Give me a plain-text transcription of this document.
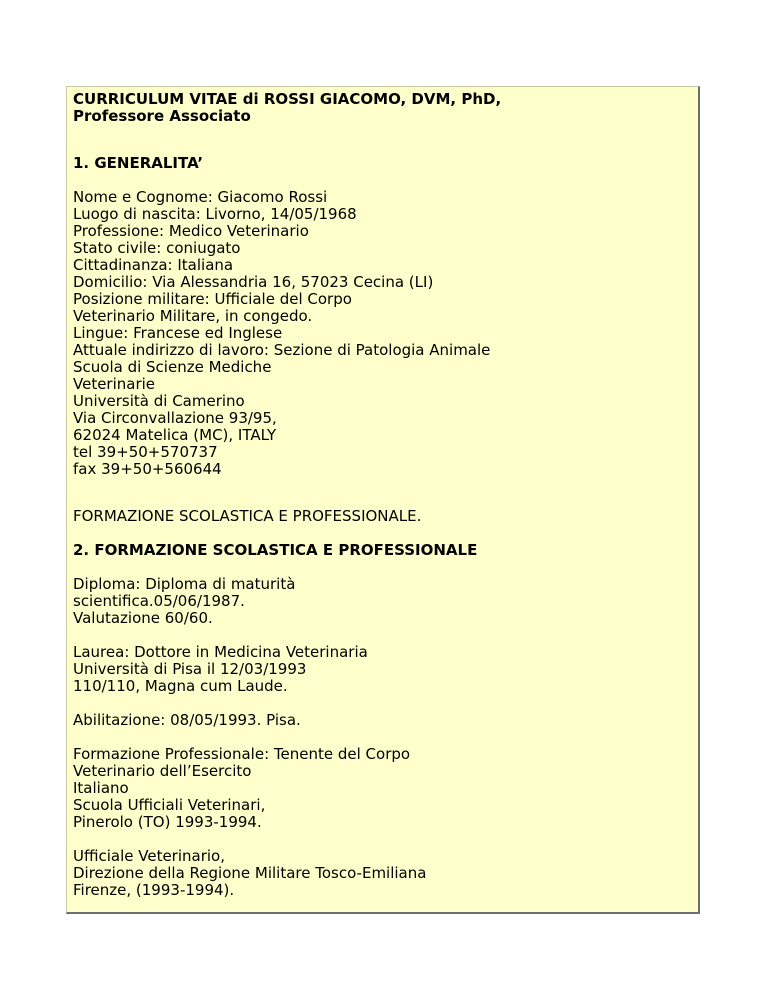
CURRICULUM VITAE di ROSSI GIACOMO, DVM, PhD,
Professore Associato
1. GENERALITA’
Nome e Cognome: Giacomo Rossi
Luogo di nascita: Livorno, 14/05/1968
Professione: Medico Veterinario
Stato civile: coniugato
Cittadinanza: Italiana
Domicilio: Via Alessandria 16, 57023 Cecina (LI)
Posizione militare: Ufficiale del Corpo
Veterinario Militare, in congedo.
Lingue: Francese ed Inglese
Attuale indirizzo di lavoro: Sezione di Patologia Animale
Scuola di Scienze Mediche
Veterinarie
Università di Camerino
Via Circonvallazione 93/95,
62024 Matelica (MC), ITALY
tel 39+50+570737
fax 39+50+560644
FORMAZIONE SCOLASTICA E PROFESSIONALE.
2. FORMAZIONE SCOLASTICA E PROFESSIONALE
Diploma: Diploma di maturità
scientifica.05/06/1987.
Valutazione 60/60.
Laurea: Dottore in Medicina Veterinaria
Università di Pisa il 12/03/1993
110/110, Magna cum Laude.
Abilitazione: 08/05/1993. Pisa.
Formazione Professionale: Tenente del Corpo
Veterinario dell’Esercito
Italiano
Scuola Ufficiali Veterinari,
Pinerolo (TO) 1993-1994.
Ufficiale Veterinario,
Direzione della Regione Militare Tosco-Emiliana
Firenze, (1993-1994).
